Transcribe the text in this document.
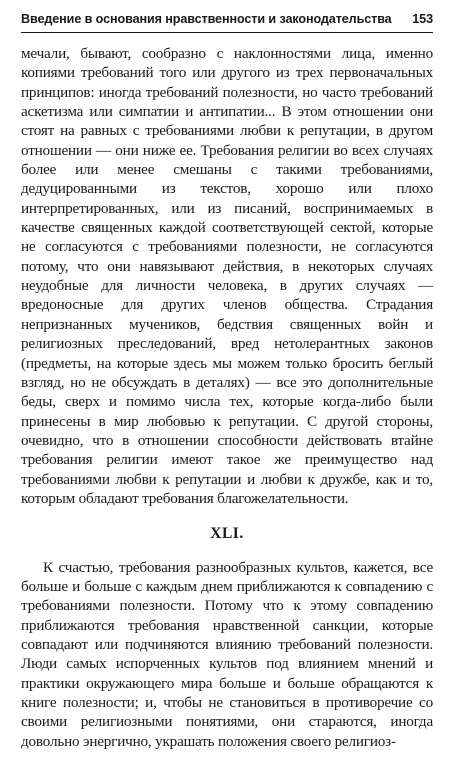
Введение в основания нравственности и законодательства 153

мечали, бывают, сообразно с наклонностями лица, именно копиями требований того или другого из трех первоначальных принципов: иногда требований полезности, но часто требований аскетизма или симпатии и антипатии... В этом отношении они стоят на равных с требованиями любви к репутации, в другом отношении — они ниже ее. Требования религии во всех случаях более или менее смешаны с такими требованиями, дедуцированными из текстов, хорошо или плохо интерпретированных, или из писаний, воспринимаемых в качестве священных каждой соответствующей сектой, которые не согласуются с требованиями полезности, не согласуются потому, что они навязывают действия, в некоторых случаях неудобные для личности человека, в других случаях — вредоносные для других членов общества. Страдания непризнанных мучеников, бедствия священных войн и религиозных преследований, вред нетолерантных законов (предметы, на которые здесь мы можем только бросить беглый взгляд, но не обсуждать в деталях) — все это дополнительные беды, сверх и помимо числа тех, которые когда-либо были принесены в мир любовью к репутации. С другой стороны, очевидно, что в отношении способности действовать втайне требования религии имеют такое же преимущество над требованиями любви к репутации и любви к дружбе, как и то, которым обладают требования благожелательности.

XLI.

К счастью, требования разнообразных культов, кажется, все больше и больше с каждым днем приближаются к совпадению с требованиями полезности. Потому что к этому совпадению приближаются требования нравственной санкции, которые совпадают или подчиняются влиянию требований полезности. Люди самых испорченных культов под влиянием мнений и практики окружающего мира больше и больше обращаются к книге полезности; и, чтобы не становиться в противоречие со своими религиозными понятиями, они стараются, иногда довольно энергично, украшать положения своего религиоз-
